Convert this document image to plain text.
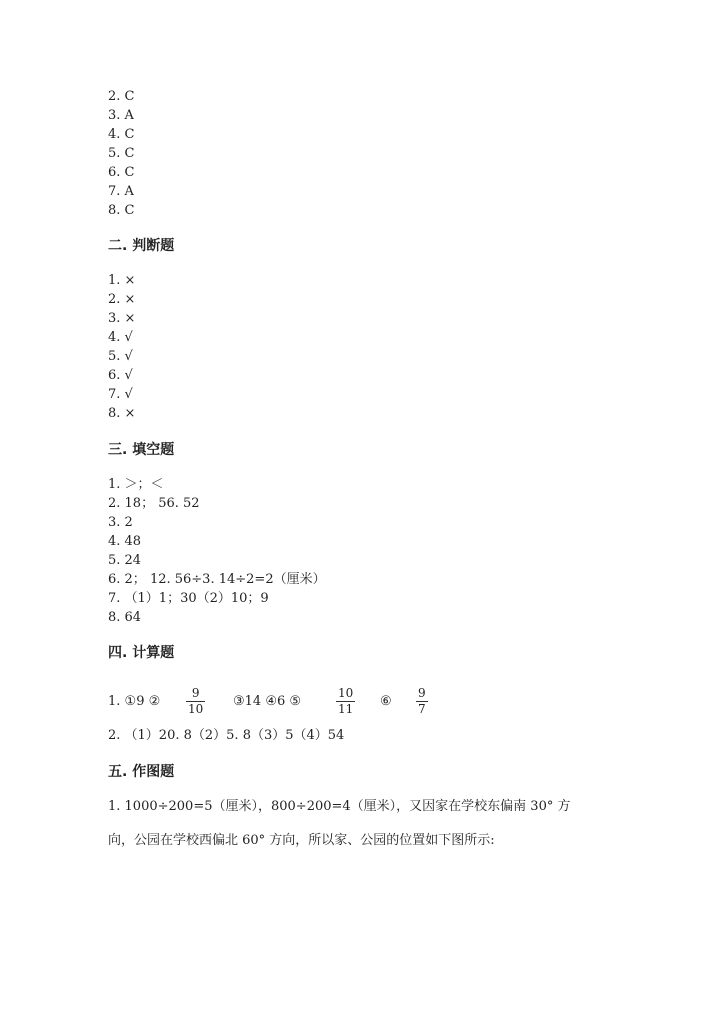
2. C
3. A
4. C
5. C
6. C
7. A
8. C
二. 判断题
1. ×
2. ×
3. ×
4. √
5. √
6. √
7. √
8. ×
三. 填空题
1. ＞；＜
2. 18； 56. 52
3. 2
4. 48
5. 24
6. 2； 12. 56÷3. 14÷2=2（厘米）
7. （1）1；30（2）10；9
8. 64
四. 计算题
1. ①9 ②
9
10 ③14 ④6 ⑤
10
11 ⑥
9
7
2. （1）20. 8（2）5. 8（3）5（4）54
五. 作图题
1. 1000÷200=5（厘米），800÷200=4（厘米），又因家在学校东偏南 30° 方
向，公园在学校西偏北 60° 方向，所以家、公园的位置如下图所示:
